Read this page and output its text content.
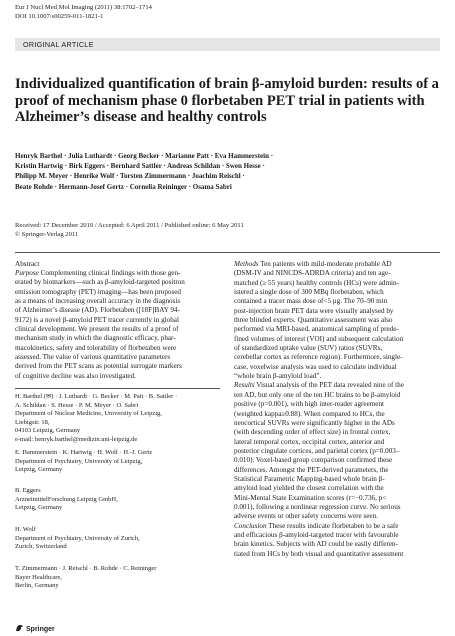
Eur J Nucl Med Mol Imaging (2011) 38:1702–1714
DOI 10.1007/s00259-011-1821-1
ORIGINAL ARTICLE
Individualized quantification of brain β-amyloid burden: results of a proof of mechanism phase 0 florbetaben PET trial in patients with Alzheimer’s disease and healthy controls
Henryk Barthel · Julia Luthardt · Georg Becker · Marianne Patt · Eva Hammerstein ·
Kristin Hartwig · Birk Eggers · Bernhard Sattler · Andreas Schildan · Swen Hesse ·
Philipp M. Meyer · Henrike Wolf · Torsten Zimmermann · Joachim Reischl ·
Beate Rohde · Hermann-Josef Gertz · Cornelia Reininger · Osama Sabri
Received: 17 December 2010 / Accepted: 6 April 2011 / Published online: 6 May 2011
© Springer-Verlag 2011
Abstract

Purpose Complementing clinical findings with those gen-

erated by biomarkers—such as β-amyloid-targeted positron

emission tomography (PET) imaging—has been proposed

as a means of increasing overall accuracy in the diagnosis

of Alzheimer’s disease (AD). Florbetaben ([18F]BAY 94-

9172) is a novel β-amyloid PET tracer currently in global

clinical development. We present the results of a proof of

mechanism study in which the diagnostic efficacy, phar-

macokinetics, safety and tolerability of florbetaben were

assessed. The value of various quantitative parameters

derived from the PET scans as potential surrogate markers

of cognitive decline was also investigated.

H. Barthel (✉) · J. Luthardt · G. Becker · M. Patt · B. Sattler ·
A. Schildan · S. Hesse · P. M. Meyer · O. Sabri
Department of Nuclear Medicine, University of Leipzig,
Liebigstr. 18,
04103 Leipzig, Germany
e-mail: henryk.barthel@medizin.uni-leipzig.de
E. Hammerstein · K. Hartwig · H. Wolf · H.-J. Gertz
Department of Psychiatry, University of Leipzig,
Leipzig, Germany
B. Eggers
ArzneimittelForschung Leipzig GmbH,
Leipzig, Germany
H. Wolf
Department of Psychiatry, University of Zurich,
Zurich, Switzerland
T. Zimmermann · J. Reischl · B. Rohde · C. Reininger
Bayer Healthcare,
Berlin, Germany

Methods Ten patients with mild-moderate probable AD

(DSM-IV and NINCDS-ADRDA criteria) and ten age-

matched (≥ 55 years) healthy controls (HCs) were admin-

istered a single dose of 300 MBq florbetaben, which

contained a tracer mass dose of<5 μg. The 70–90 min

post-injection brain PET data were visually analysed by

three blinded experts. Quantitative assessment was also

performed via MRI-based, anatomical sampling of prede-

fined volumes of interest (VOI) and subsequent calculation

of standardized uptake value (SUV) ratios (SUVRs,

cerebellar cortex as reference region). Furthermore, single-

case, voxelwise analysis was used to calculate individual

“whole brain β-amyloid load”.

Results Visual analysis of the PET data revealed nine of the

ten AD, but only one of the ten HC brains to be β-amyloid

positive (p=0.001), with high inter-reader agreement

(weighted kappa≥0.88). When compared to HCs, the

neocortical SUVRs were significantly higher in the ADs

(with descending order of effect size) in frontal cortex,

lateral temporal cortex, occipital cortex, anterior and

posterior cingulate cortices, and parietal cortex (p=0.003–

0.010). Voxel-based group comparison confirmed these

differences. Amongst the PET-derived parameters, the

Statistical Parametric Mapping-based whole brain β-

amyloid load yielded the closest correlation with the

Mini-Mental State Examination scores (r=−0.736, p<

0.001), following a nonlinear regression curve. No serious

adverse events or other safety concerns were seen.

Conclusion These results indicate florbetaben to be a safe

and efficacious β-amyloid-targeted tracer with favourable

brain kinetics. Subjects with AD could be easily differen-

tiated from HCs by both visual and quantitative assessment

Springer
